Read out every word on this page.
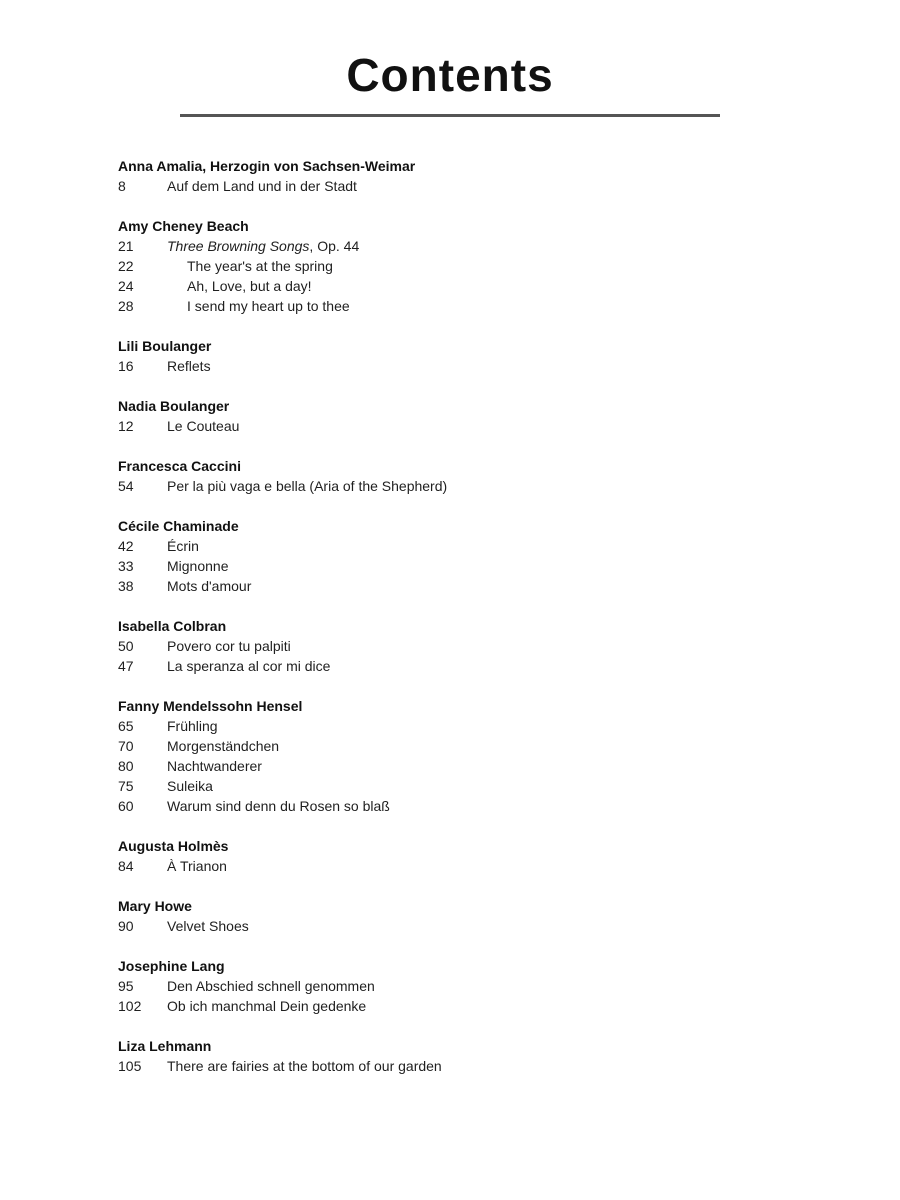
Contents
Anna Amalia, Herzogin von Sachsen-Weimar
8	Auf dem Land und in der Stadt
Amy Cheney Beach
21	Three Browning Songs, Op. 44
22	The year's at the spring
24	Ah, Love, but a day!
28	I send my heart up to thee
Lili Boulanger
16	Reflets
Nadia Boulanger
12	Le Couteau
Francesca Caccini
54	Per la più vaga e bella (Aria of the Shepherd)
Cécile Chaminade
42	Écrin
33	Mignonne
38	Mots d'amour
Isabella Colbran
50	Povero cor tu palpiti
47	La speranza al cor mi dice
Fanny Mendelssohn Hensel
65	Frühling
70	Morgenständchen
80	Nachtwanderer
75	Suleika
60	Warum sind denn du Rosen so blaß
Augusta Holmès
84	À Trianon
Mary Howe
90	Velvet Shoes
Josephine Lang
95	Den Abschied schnell genommen
102	Ob ich manchmal Dein gedenke
Liza Lehmann
105	There are fairies at the bottom of our garden
